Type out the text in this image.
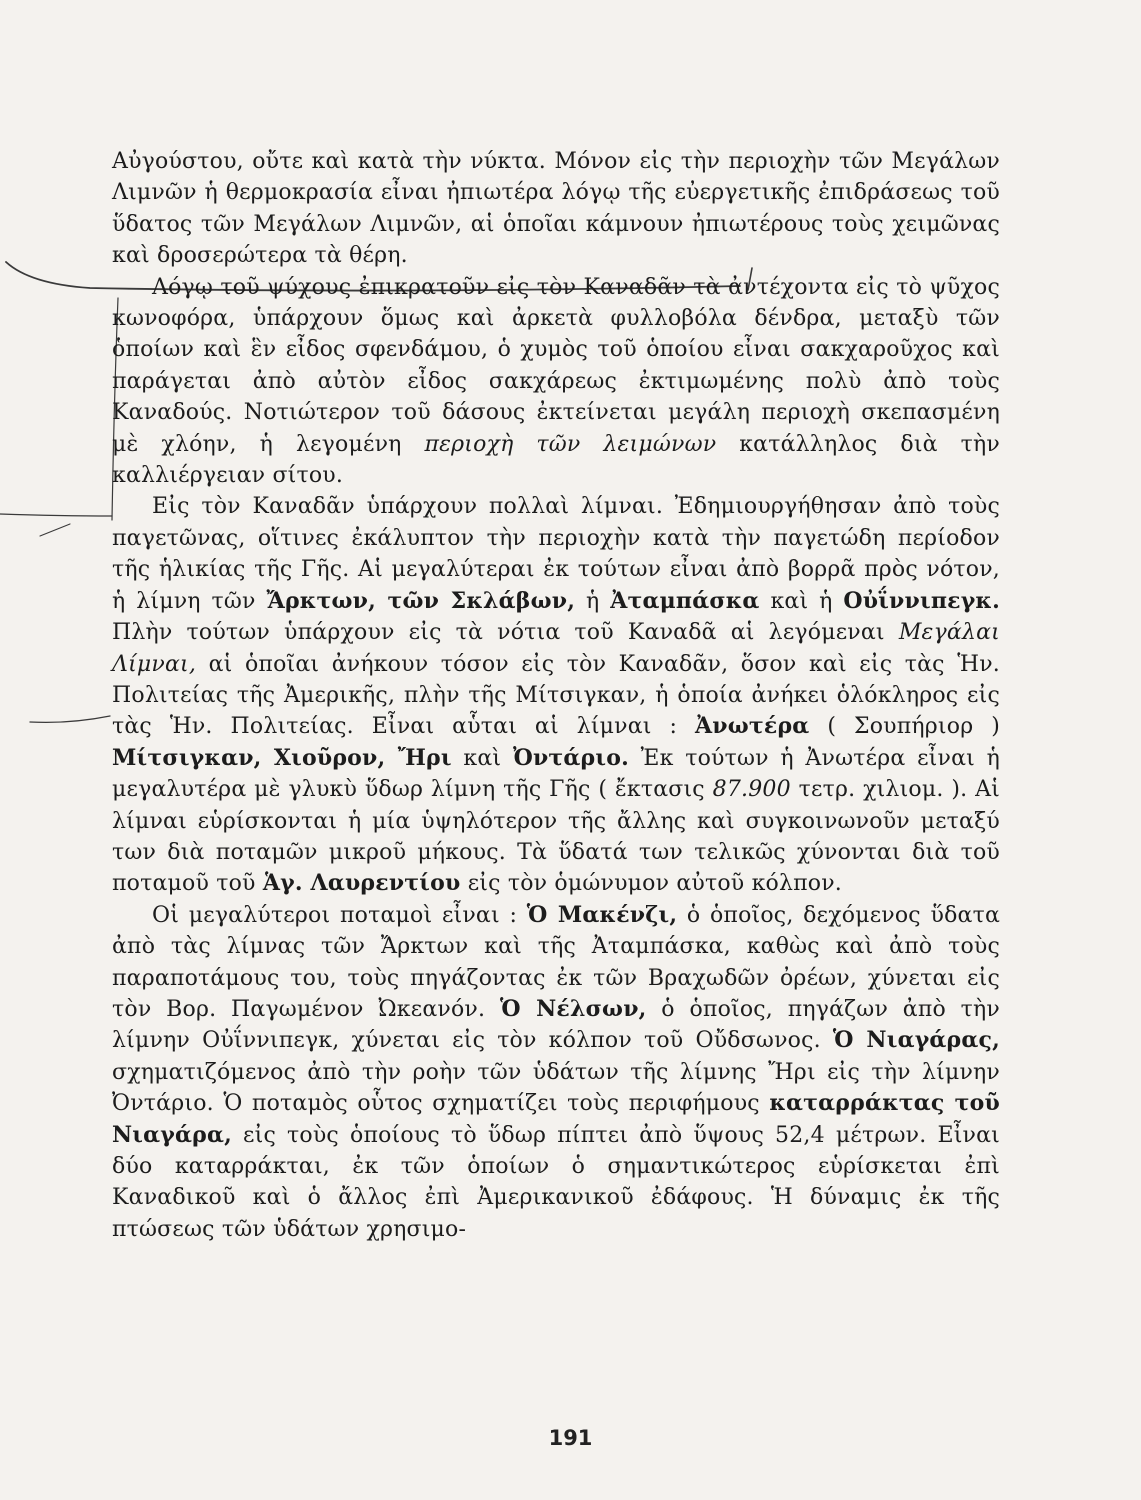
Αὐγούστου, οὔτε καὶ κατὰ τὴν νύκτα. Μόνον εἰς τὴν περιοχὴν τῶν Μεγάλων Λιμνῶν ἡ θερμοκρασία εἶναι ἠπιωτέρα λόγῳ τῆς εὐεργετικῆς ἐπιδράσεως τοῦ ὕδατος τῶν Μεγάλων Λιμνῶν, αἱ ὁποῖαι κάμνουν ἠπιωτέρους τοὺς χειμῶνας καὶ δροσερώτερα τὰ θέρη.

Λόγῳ τοῦ ψύχους ἐπικρατοῦν εἰς τὸν Καναδᾶν τὰ ἀντέχοντα εἰς τὸ ψῦχος κωνοφόρα, ὑπάρχουν ὅμως καὶ ἀρκετὰ φυλλοβόλα δένδρα, μεταξὺ τῶν ὁποίων καὶ ἓν εἶδος σφενδάμου, ὁ χυμὸς τοῦ ὁποίου εἶναι σακχαροῦχος καὶ παράγεται ἀπὸ αὐτὸν εἶδος σακχάρεως ἐκτιμωμένης πολὺ ἀπὸ τοὺς Καναδούς. Νοτιώτερον τοῦ δάσους ἐκτείνεται μεγάλη περιοχὴ σκεπασμένη μὲ χλόην, ἡ λεγομένη περιοχὴ τῶν λειμώνων κατάλληλος διὰ τὴν καλλιέργειαν σίτου.

Εἰς τὸν Καναδᾶν ὑπάρχουν πολλαὶ λίμναι. Ἐδημιουργήθησαν ἀπὸ τοὺς παγετῶνας, οἵτινες ἐκάλυπτον τὴν περιοχὴν κατὰ τὴν παγετώδη περίοδον τῆς ἡλικίας τῆς Γῆς. Αἱ μεγαλύτεραι ἐκ τούτων εἶναι ἀπὸ βορρᾶ πρὸς νότον, ἡ λίμνη τῶν Ἄρκτων, τῶν Σκλάβων, ἡ Ἀταμπάσκα καὶ ἡ Οὐΐννιπεγκ. Πλὴν τούτων ὑπάρχουν εἰς τὰ νότια τοῦ Καναδᾶ αἱ λεγόμεναι Μεγάλαι Λίμναι, αἱ ὁποῖαι ἀνήκουν τόσον εἰς τὸν Καναδᾶν, ὅσον καὶ εἰς τὰς Ἡν. Πολιτείας τῆς Ἀμερικῆς, πλὴν τῆς Μίτσιγκαν, ἡ ὁποία ἀνήκει ὁλόκληρος εἰς τὰς Ἡν. Πολιτείας. Εἶναι αὗται αἱ λίμναι : Ἀνωτέρα ( Σουπήριορ ) Μίτσιγκαν, Χιοῦρον, Ἤρι καὶ Ὀντάριο. Ἐκ τούτων ἡ Ἀνωτέρα εἶναι ἡ μεγαλυτέρα μὲ γλυκὺ ὕδωρ λίμνη τῆς Γῆς ( ἔκτασις 87.900 τετρ. χιλιομ. ). Αἱ λίμναι εὑρίσκονται ἡ μία ὑψηλότερον τῆς ἄλλης καὶ συγκοινωνοῦν μεταξύ των διὰ ποταμῶν μικροῦ μήκους. Τὰ ὕδατά των τελικῶς χύνονται διὰ τοῦ ποταμοῦ τοῦ Ἁγ. Λαυρεντίου εἰς τὸν ὁμώνυμον αὐτοῦ κόλπον.

Οἱ μεγαλύτεροι ποταμοὶ εἶναι : Ὁ Μακένζι, ὁ ὁποῖος, δεχόμενος ὕδατα ἀπὸ τὰς λίμνας τῶν Ἄρκτων καὶ τῆς Ἀταμπάσκα, καθὼς καὶ ἀπὸ τοὺς παραποτάμους του, τοὺς πηγάζοντας ἐκ τῶν Βραχωδῶν ὀρέων, χύνεται εἰς τὸν Βορ. Παγωμένον Ὠκεανόν. Ὁ Νέλσων, ὁ ὁποῖος, πηγάζων ἀπὸ τὴν λίμνην Οὐΐννιπεγκ, χύνεται εἰς τὸν κόλπον τοῦ Οὔδσωνος. Ὁ Νιαγάρας, σχηματιζόμενος ἀπὸ τὴν ροὴν τῶν ὑδάτων τῆς λίμνης Ἤρι εἰς τὴν λίμνην Ὀντάριο. Ὁ ποταμὸς οὗτος σχηματίζει τοὺς περιφήμους καταρράκτας τοῦ Νιαγάρα, εἰς τοὺς ὁποίους τὸ ὕδωρ πίπτει ἀπὸ ὕψους 52,4 μέτρων. Εἶναι δύο καταρράκται, ἐκ τῶν ὁποίων ὁ σημαντικώτερος εὑρίσκεται ἐπὶ Καναδικοῦ καὶ ὁ ἄλλος ἐπὶ Ἀμερικανικοῦ ἐδάφους. Ἡ δύναμις ἐκ τῆς πτώσεως τῶν ὑδάτων χρησιμο-

191
